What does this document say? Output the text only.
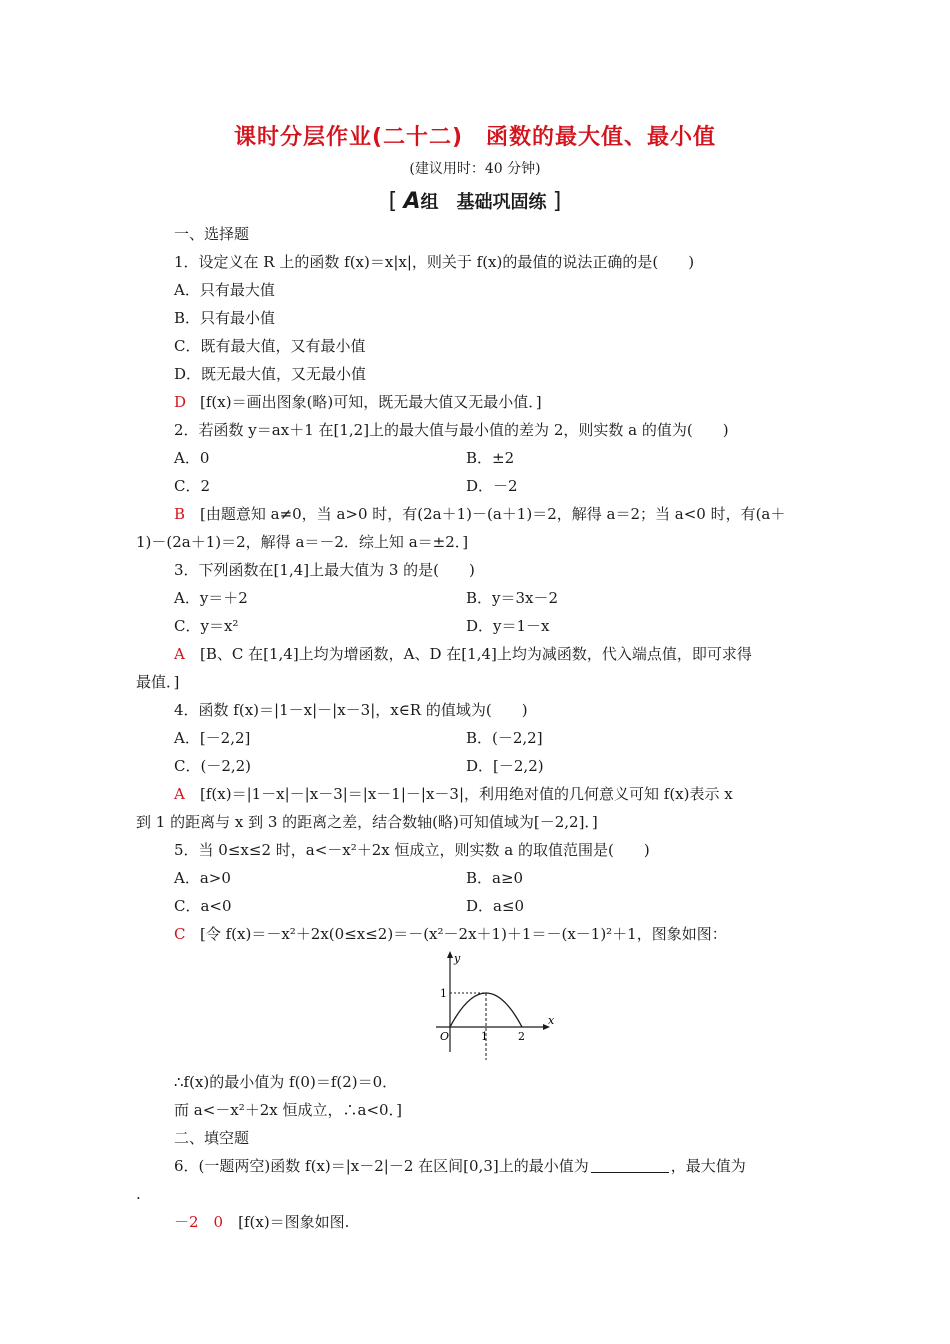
课时分层作业(二十二)　函数的最大值、最小值
(建议用时：40 分钟)
[ A组　基础巩固练 ]
一、选择题
1．设定义在 R 上的函数 f(x)＝x|x|，则关于 f(x)的最值的说法正确的是(　　)
A．只有最大值
B．只有最小值
C．既有最大值，又有最小值
D．既无最大值，又无最小值
D [f(x)＝画出图象(略)可知，既无最大值又无最小值．]
2．若函数 y＝ax＋1 在[1,2]上的最大值与最小值的差为 2，则实数 a 的值为(　　)
A．0	B．±2
C．2	D．－2
B [由题意知 a≠0，当 a>0 时，有(2a＋1)－(a＋1)＝2，解得 a＝2；当 a<0 时，有(a＋
1)－(2a＋1)＝2，解得 a＝－2．综上知 a＝±2．]
3．下列函数在[1,4]上最大值为 3 的是(　　)
A．y＝＋2	B．y＝3x－2
C．y＝x²	D．y＝1－x
A [B、C 在[1,4]上均为增函数，A、D 在[1,4]上均为减函数，代入端点值，即可求得
最值．]
4．函数 f(x)＝|1－x|－|x－3|，x∈R 的值域为(　　)
A．[－2,2]	B．(－2,2]
C．(－2,2)	D．[－2,2)
A [f(x)＝|1－x|－|x－3|＝|x－1|－|x－3|，利用绝对值的几何意义可知 f(x)表示 x
到 1 的距离与 x 到 3 的距离之差，结合数轴(略)可知值域为[－2,2]．]
5．当 0≤x≤2 时，a<－x²＋2x 恒成立，则实数 a 的取值范围是(　　)
A．a>0	B．a≥0
C．a<0	D．a≤0
C [令 f(x)＝－x²＋2x(0≤x≤2)＝－(x²－2x＋1)＋1＝－(x－1)²＋1，图象如图：
y
x
1
O	1	2
∴f(x)的最小值为 f(0)＝f(2)＝0．
而 a<－x²＋2x 恒成立，∴a<0．]
二、填空题
6．(一题两空)函数 f(x)＝|x－2|－2 在区间[0,3]上的最小值为	，最大值为
.
－2　0　 [f(x)＝图象如图.
